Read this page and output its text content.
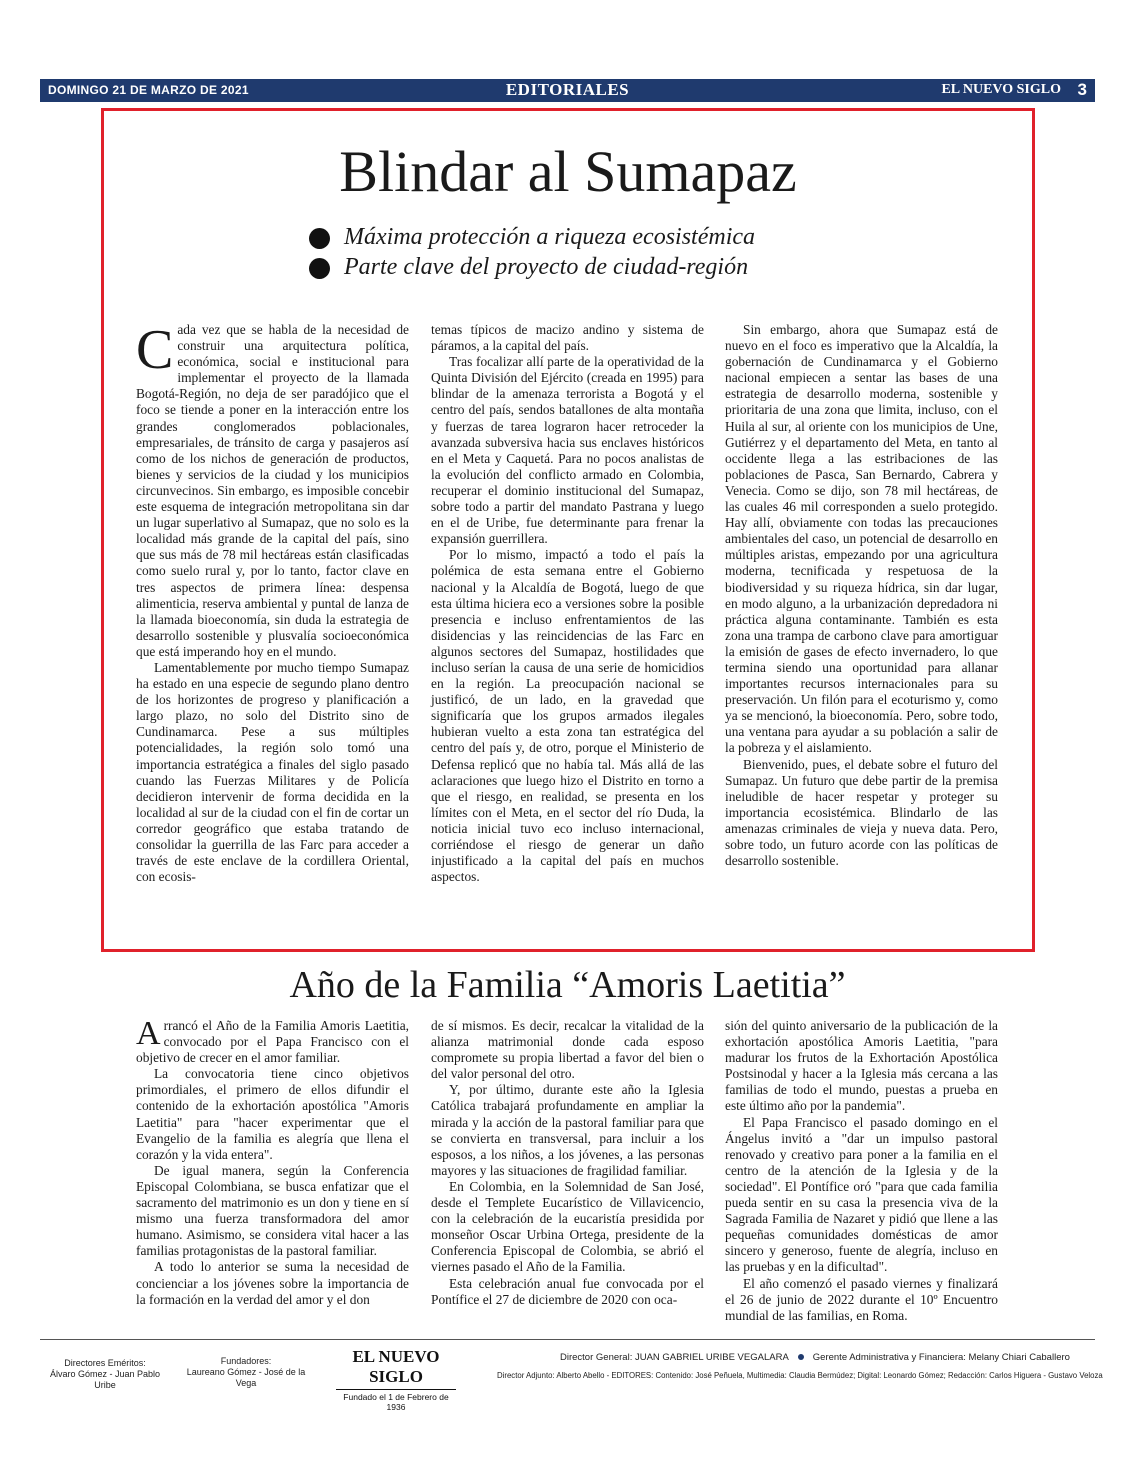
DOMINGO 21 DE MARZO DE 2021	EDITORIALES	EL NUEVO SIGLO 3
Blindar al Sumapaz
Máxima protección a riqueza ecosistémica
Parte clave del proyecto de ciudad-región

Cada vez que se habla de la necesidad de construir una arquitectura política, económica, social e institucional para implementar el proyecto de la llamada Bogotá-Región, no deja de ser paradójico que el foco se tiende a poner en la interacción entre los grandes conglomerados poblacionales, empresariales, de tránsito de carga y pasajeros así como de los nichos de generación de productos, bienes y servicios de la ciudad y los municipios circunvecinos. Sin embargo, es imposible concebir este esquema de integración metropolitana sin dar un lugar superlativo al Sumapaz, que no solo es la localidad más grande de la capital del país, sino que sus más de 78 mil hectáreas están clasificadas como suelo rural y, por lo tanto, factor clave en tres aspectos de primera línea: despensa alimenticia, reserva ambiental y puntal de lanza de la llamada bioeconomía, sin duda la estrategia de desarrollo sostenible y plusvalía socioeconómica que está imperando hoy en el mundo.

Lamentablemente por mucho tiempo Sumapaz ha estado en una especie de segundo plano dentro de los horizontes de progreso y planificación a largo plazo, no solo del Distrito sino de Cundinamarca. Pese a sus múltiples potencialidades, la región solo tomó una importancia estratégica a finales del siglo pasado cuando las Fuerzas Militares y de Policía decidieron intervenir de forma decidida en la localidad al sur de la ciudad con el fin de cortar un corredor geográfico que estaba tratando de consolidar la guerrilla de las Farc para acceder a través de este enclave de la cordillera Oriental, con ecosis-

temas típicos de macizo andino y sistema de páramos, a la capital del país.

Tras focalizar allí parte de la operatividad de la Quinta División del Ejército (creada en 1995) para blindar de la amenaza terrorista a Bogotá y el centro del país, sendos batallones de alta montaña y fuerzas de tarea lograron hacer retroceder la avanzada subversiva hacia sus enclaves históricos en el Meta y Caquetá. Para no pocos analistas de la evolución del conflicto armado en Colombia, recuperar el dominio institucional del Sumapaz, sobre todo a partir del mandato Pastrana y luego en el de Uribe, fue determinante para frenar la expansión guerrillera.

Por lo mismo, impactó a todo el país la polémica de esta semana entre el Gobierno nacional y la Alcaldía de Bogotá, luego de que esta última hiciera eco a versiones sobre la posible presencia e incluso enfrentamientos de las disidencias y las reincidencias de las Farc en algunos sectores del Sumapaz, hostilidades que incluso serían la causa de una serie de homicidios en la región. La preocupación nacional se justificó, de un lado, en la gravedad que significaría que los grupos armados ilegales hubieran vuelto a esta zona tan estratégica del centro del país y, de otro, porque el Ministerio de Defensa replicó que no había tal. Más allá de las aclaraciones que luego hizo el Distrito en torno a que el riesgo, en realidad, se presenta en los límites con el Meta, en el sector del río Duda, la noticia inicial tuvo eco incluso internacional, corriéndose el riesgo de generar un daño injustificado a la capital del país en muchos aspectos.

Sin embargo, ahora que Sumapaz está de nuevo en el foco es imperativo que la Alcaldía, la gobernación de Cundinamarca y el Gobierno nacional empiecen a sentar las bases de una estrategia de desarrollo moderna, sostenible y prioritaria de una zona que limita, incluso, con el Huila al sur, al oriente con los municipios de Une, Gutiérrez y el departamento del Meta, en tanto al occidente llega a las estribaciones de las poblaciones de Pasca, San Bernardo, Cabrera y Venecia. Como se dijo, son 78 mil hectáreas, de las cuales 46 mil corresponden a suelo protegido. Hay allí, obviamente con todas las precauciones ambientales del caso, un potencial de desarrollo en múltiples aristas, empezando por una agricultura moderna, tecnificada y respetuosa de la biodiversidad y su riqueza hídrica, sin dar lugar, en modo alguno, a la urbanización depredadora ni práctica alguna contaminante. También es esta zona una trampa de carbono clave para amortiguar la emisión de gases de efecto invernadero, lo que termina siendo una oportunidad para allanar importantes recursos internacionales para su preservación. Un filón para el ecoturismo y, como ya se mencionó, la bioeconomía. Pero, sobre todo, una ventana para ayudar a su población a salir de la pobreza y el aislamiento.

Bienvenido, pues, el debate sobre el futuro del Sumapaz. Un futuro que debe partir de la premisa ineludible de hacer respetar y proteger su importancia ecosistémica. Blindarlo de las amenazas criminales de vieja y nueva data. Pero, sobre todo, un futuro acorde con las políticas de desarrollo sostenible.

Año de la Familia “Amoris Laetitia”

Arrancó el Año de la Familia Amoris Laetitia, convocado por el Papa Francisco con el objetivo de crecer en el amor familiar.

La convocatoria tiene cinco objetivos primordiales, el primero de ellos difundir el contenido de la exhortación apostólica "Amoris Laetitia" para "hacer experimentar que el Evangelio de la familia es alegría que llena el corazón y la vida entera".

De igual manera, según la Conferencia Episcopal Colombiana, se busca enfatizar que el sacramento del matrimonio es un don y tiene en sí mismo una fuerza transformadora del amor humano. Asimismo, se considera vital hacer a las familias protagonistas de la pastoral familiar.

A todo lo anterior se suma la necesidad de concienciar a los jóvenes sobre la importancia de la formación en la verdad del amor y el don

de sí mismos. Es decir, recalcar la vitalidad de la alianza matrimonial donde cada esposo compromete su propia libertad a favor del bien o del valor personal del otro.

Y, por último, durante este año la Iglesia Católica trabajará profundamente en ampliar la mirada y la acción de la pastoral familiar para que se convierta en transversal, para incluir a los esposos, a los niños, a los jóvenes, a las personas mayores y las situaciones de fragilidad familiar.

En Colombia, en la Solemnidad de San José, desde el Templete Eucarístico de Villavicencio, con la celebración de la eucaristía presidida por monseñor Oscar Urbina Ortega, presidente de la Conferencia Episcopal de Colombia, se abrió el viernes pasado el Año de la Familia.

Esta celebración anual fue convocada por el Pontífice el 27 de diciembre de 2020 con oca-

sión del quinto aniversario de la publicación de la exhortación apostólica Amoris Laetitia, "para madurar los frutos de la Exhortación Apostólica Postsinodal y hacer a la Iglesia más cercana a las familias de todo el mundo, puestas a prueba en este último año por la pandemia".

El Papa Francisco el pasado domingo en el Ángelus invitó a "dar un impulso pastoral renovado y creativo para poner a la familia en el centro de la atención de la Iglesia y de la sociedad". El Pontífice oró "para que cada familia pueda sentir en su casa la presencia viva de la Sagrada Familia de Nazaret y pidió que llene a las pequeñas comunidades domésticas de amor sincero y generoso, fuente de alegría, incluso en las pruebas y en la dificultad".

El año comenzó el pasado viernes y finalizará el 26 de junio de 2022 durante el 10º Encuentro mundial de las familias, en Roma.

Directores Eméritos:
Álvaro Gómez - Juan Pablo Uribe
Fundadores:
Laureano Gómez - José de la Vega
EL NUEVO SIGLO
Fundado el 1 de Febrero de 1936
Director General: JUAN GABRIEL URIBE VEGALARA	Gerente Administrativa y Financiera: Melany Chiari Caballero
Director Adjunto: Alberto Abello - EDITORES: Contenido: José Peñuela, Multimedia: Claudia Bermúdez; Digital: Leonardo Gómez; Redacción: Carlos Higuera - Gustavo Veloza
